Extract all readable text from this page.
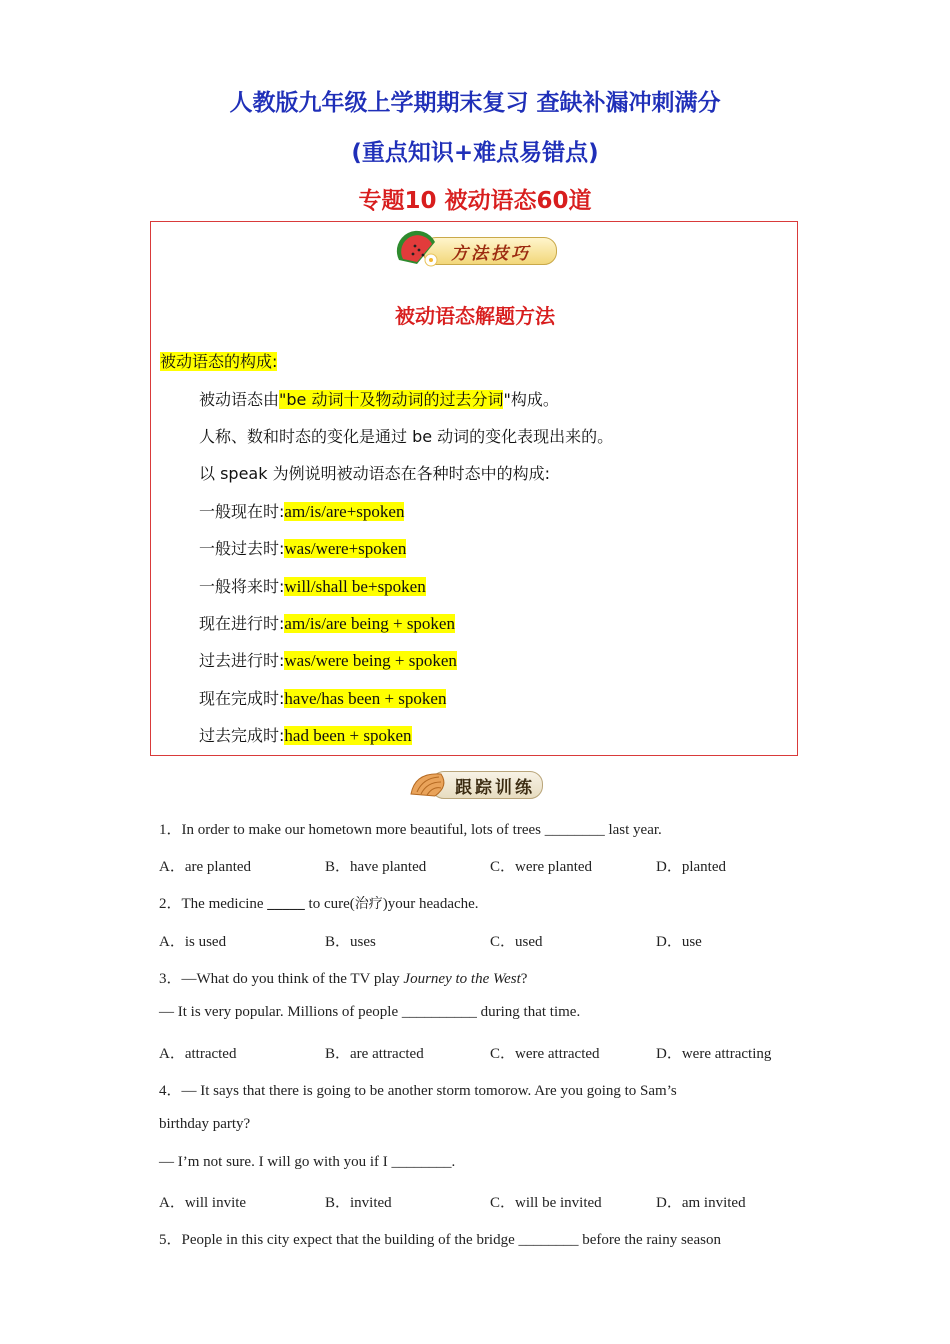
人教版九年级上学期期末复习 查缺补漏冲刺满分
(重点知识+难点易错点)
专题10 被动语态60道
方法技巧
被动语态解题方法
被动语态的构成:
被动语态由"be 动词十及物动词的过去分词"构成。
人称、数和时态的变化是通过 be 动词的变化表现出来的。
以 speak 为例说明被动语态在各种时态中的构成:
一般现在时:am/is/are+spoken
一般过去时:was/were+spoken
一般将来时:will/shall be+spoken
现在进行时:am/is/are being + spoken
过去进行时:was/were being + spoken
现在完成时:have/has been + spoken
过去完成时:had been + spoken
跟踪训练
1．In order to make our hometown more beautiful, lots of trees ________ last year.
A．are planted	B．have planted	C．were planted	D．planted
2．The medicine _____ to cure(治疗)your headache.
A．is used	B．uses	C．used	D．use
3．—What do you think of the TV play Journey to the West?
— It is very popular. Millions of people __________ during that time.
A．attracted	B．are attracted	C．were attracted	D．were attracting
4．— It says that there is going to be another storm tomorow. Are you going to Sam’s
birthday party?
— I’m not sure. I will go with you if I ________.
A．will invite	B．invited	C．will be invited	D．am invited
5．People in this city expect that the building of the bridge ________ before the rainy season
